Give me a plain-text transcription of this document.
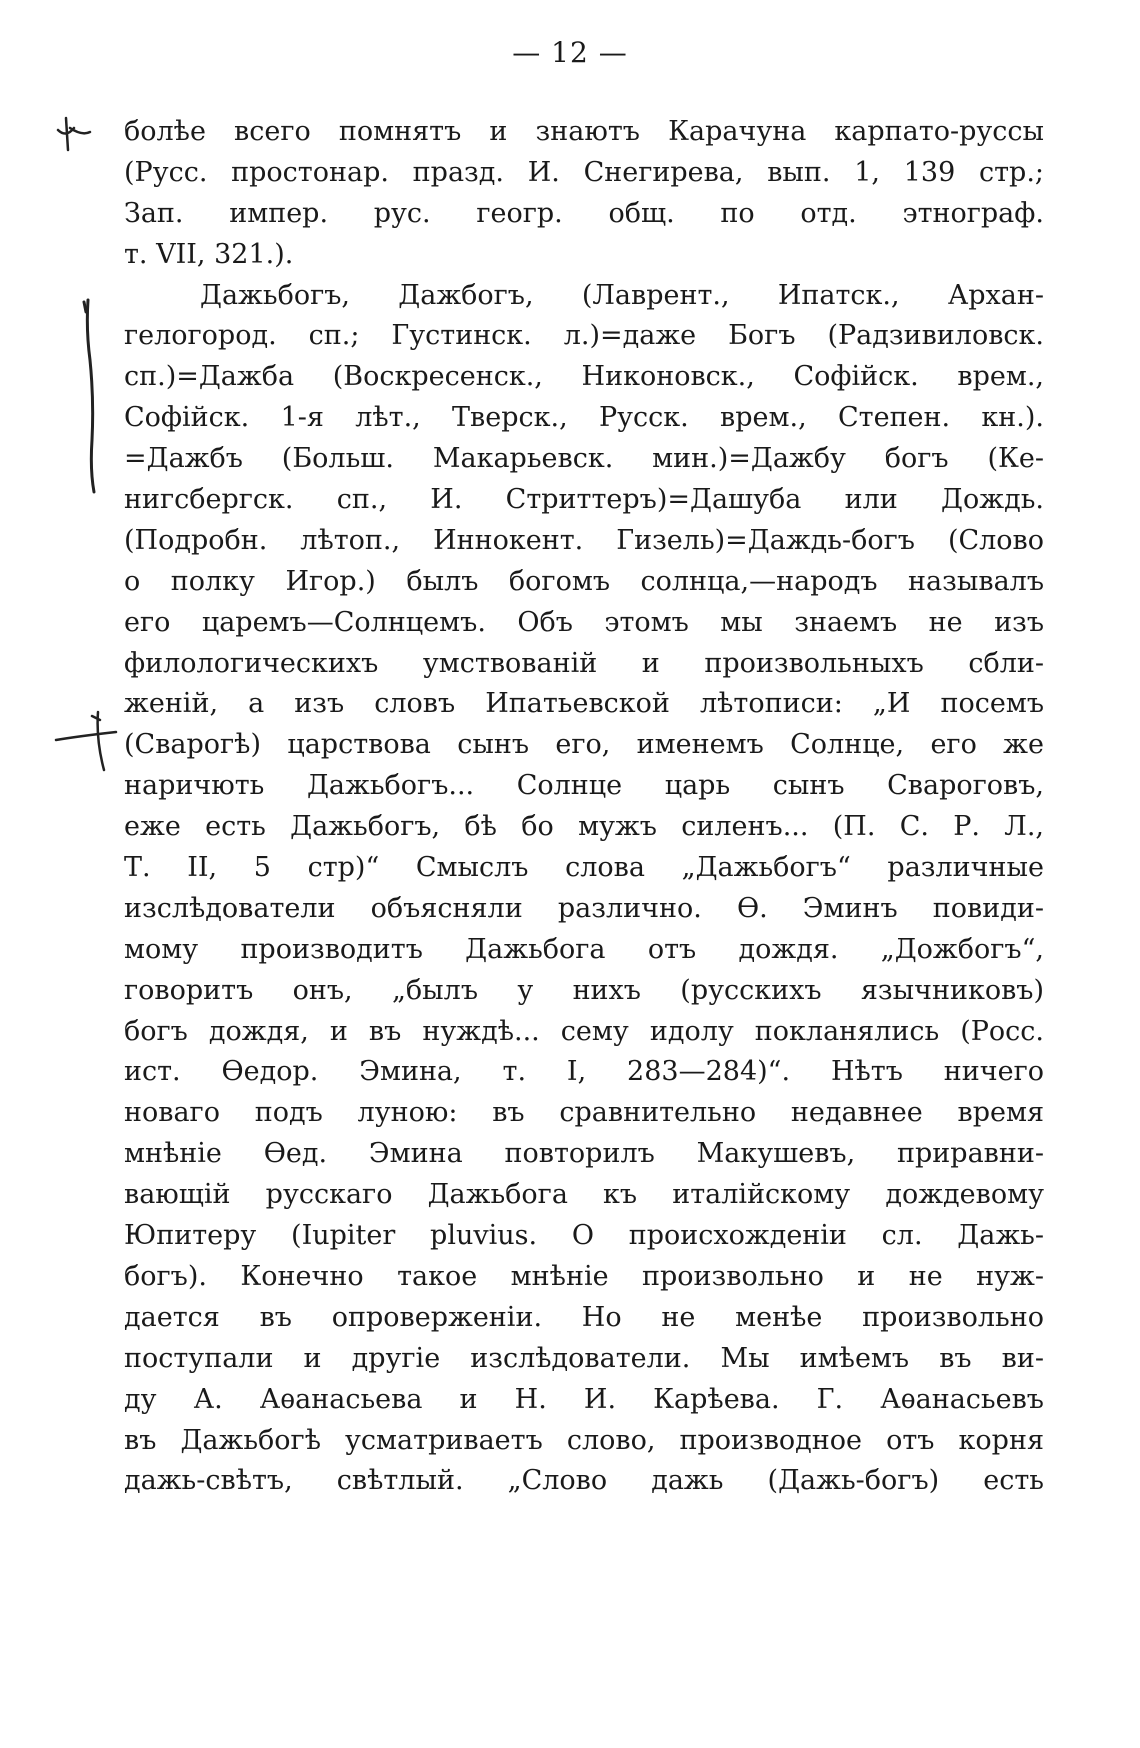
— 12 —
болѣе всего помнятъ и знаютъ Карачуна карпато-руссы
(Русс. простонар. празд. И. Снегирева, вып. 1, 139 стр.;
Зап. импер. рус. геогр. общ. по отд. этнограф.
т. VII, 321.).
Дажьбогъ, Дажбогъ, (Лаврент., Ипатск., Архан-
гелогород. сп.; Густинск. л.)=даже Богъ (Радзивиловск.
сп.)=Дажба (Воскресенск., Никоновск., Софійск. врем.,
Софійск. 1-я лѣт., Тверск., Русск. врем., Степен. кн.).
=Дажбъ (Больш. Макарьевск. мин.)=Дажбу богъ (Ке-
нигсбергск. сп., И. Стриттеръ)=Дашуба или Дождь.
(Подробн. лѣтоп., Иннокент. Гизель)=Даждь-богъ (Слово
о полку Игор.) былъ богомъ солнца,—народъ называлъ
его царемъ—Солнцемъ. Объ этомъ мы знаемъ не изъ
филологическихъ умствованій и произвольныхъ сбли-
женій, а изъ словъ Ипатьевской лѣтописи: „И посемъ
(Сварогѣ) царствова сынъ его, именемъ Солнце, его же
наричють Дажьбогъ... Солнце царь сынъ Свароговъ,
еже есть Дажьбогъ, бѣ бо мужъ силенъ... (П. С. Р. Л.,
Т. II, 5 стр)“ Смыслъ слова „Дажьбогъ“ различные
изслѣдователи объясняли различно. Ѳ. Эминъ повиди-
мому производитъ Дажьбога отъ дождя. „Дожбогъ“,
говоритъ онъ, „былъ у нихъ (русскихъ язычниковъ)
богъ дождя, и въ нуждѣ... сему идолу покланялись (Росс.
ист. Ѳедор. Эмина, т. I, 283—284)“. Нѣтъ ничего
новаго подъ луною: въ сравнительно недавнее время
мнѣніе Ѳед. Эмина повторилъ Макушевъ, приравни-
вающій русскаго Дажьбога къ италійскому дождевому
Юпитеру (Iupiter pluvius. О происхожденіи сл. Дажь-
богъ). Конечно такое мнѣніе произвольно и не нуж-
дается въ опроверженіи. Но не менѣе произвольно
поступали и другіе изслѣдователи. Мы имѣемъ въ ви-
ду А. Аѳанасьева и Н. И. Карѣева. Г. Аѳанасьевъ
въ Дажьбогѣ усматриваетъ слово, производное отъ корня
дажь-свѣтъ, свѣтлый. „Слово дажь (Дажь-богъ) есть
